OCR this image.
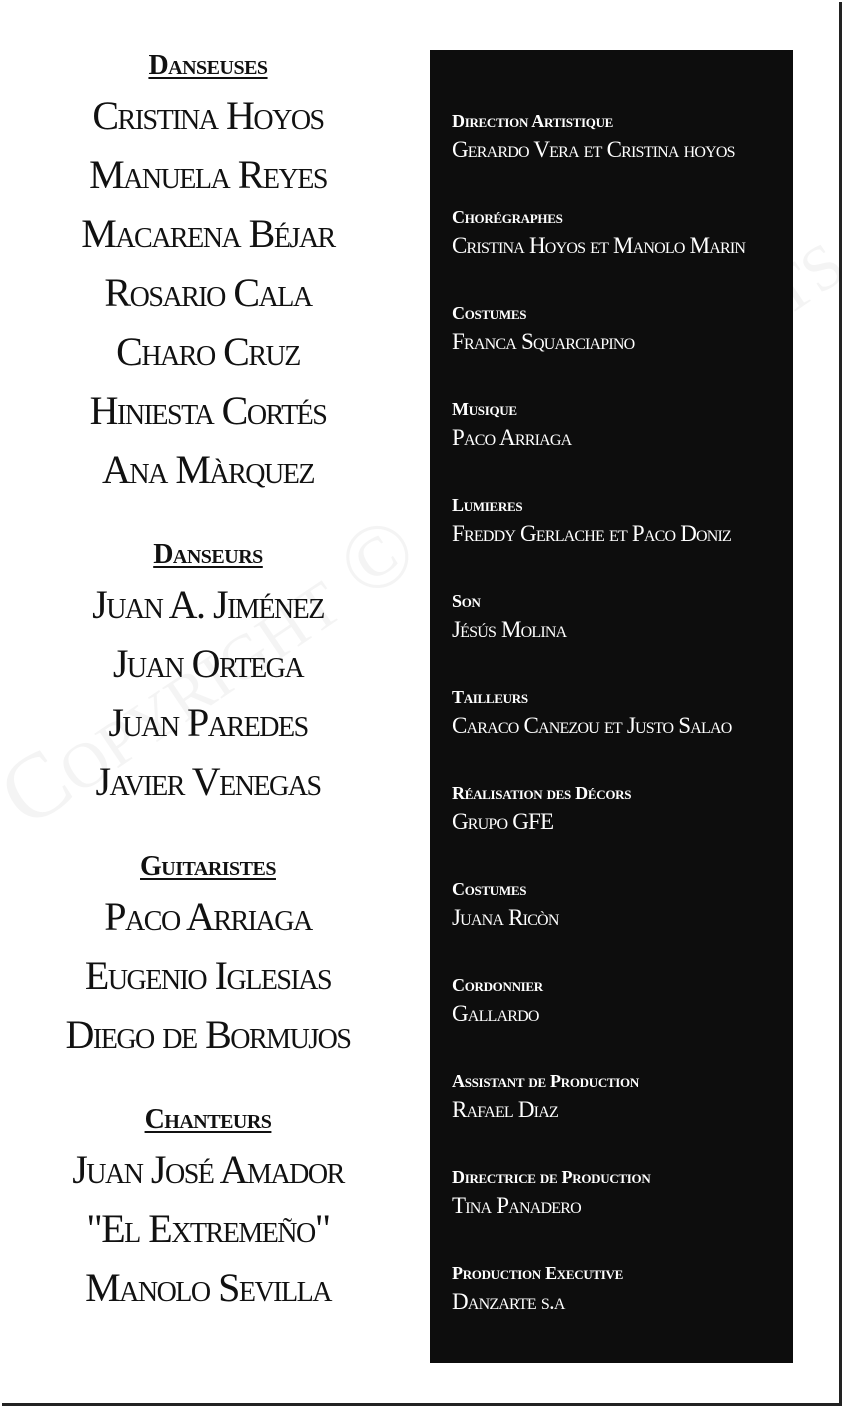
Danseuses
Cristina Hoyos
Manuela Reyes
Macarena Béjar
Rosario Cala
Charo Cruz
Hiniesta Cortés
Ana Màrquez
Danseurs
Juan A. Jiménez
Juan Ortega
Juan Paredes
Javier Venegas
Guitaristes
Paco Arriaga
Eugenio Iglesias
Diego de Bormujos
Chanteurs
Juan José Amador
"El Extremeño"
Manolo Sevilla
Direction Artistique
Gerardo Vera et Cristina hoyos
Chorégraphes
Cristina Hoyos et Manolo Marin
Costumes
Franca Squarciapino
Musique
Paco Arriaga
Lumieres
Freddy Gerlache et Paco Doniz
Son
Jésús Molina
Tailleurs
Caraco Canezou et Justo Salao
Réalisation des Décors
Grupo GFE
Costumes
Juana Ricòn
Cordonnier
Gallardo
Assistant de Production
Rafael Diaz
Directrice de Production
Tina Panadero
Production Executive
Danzarte s.a
